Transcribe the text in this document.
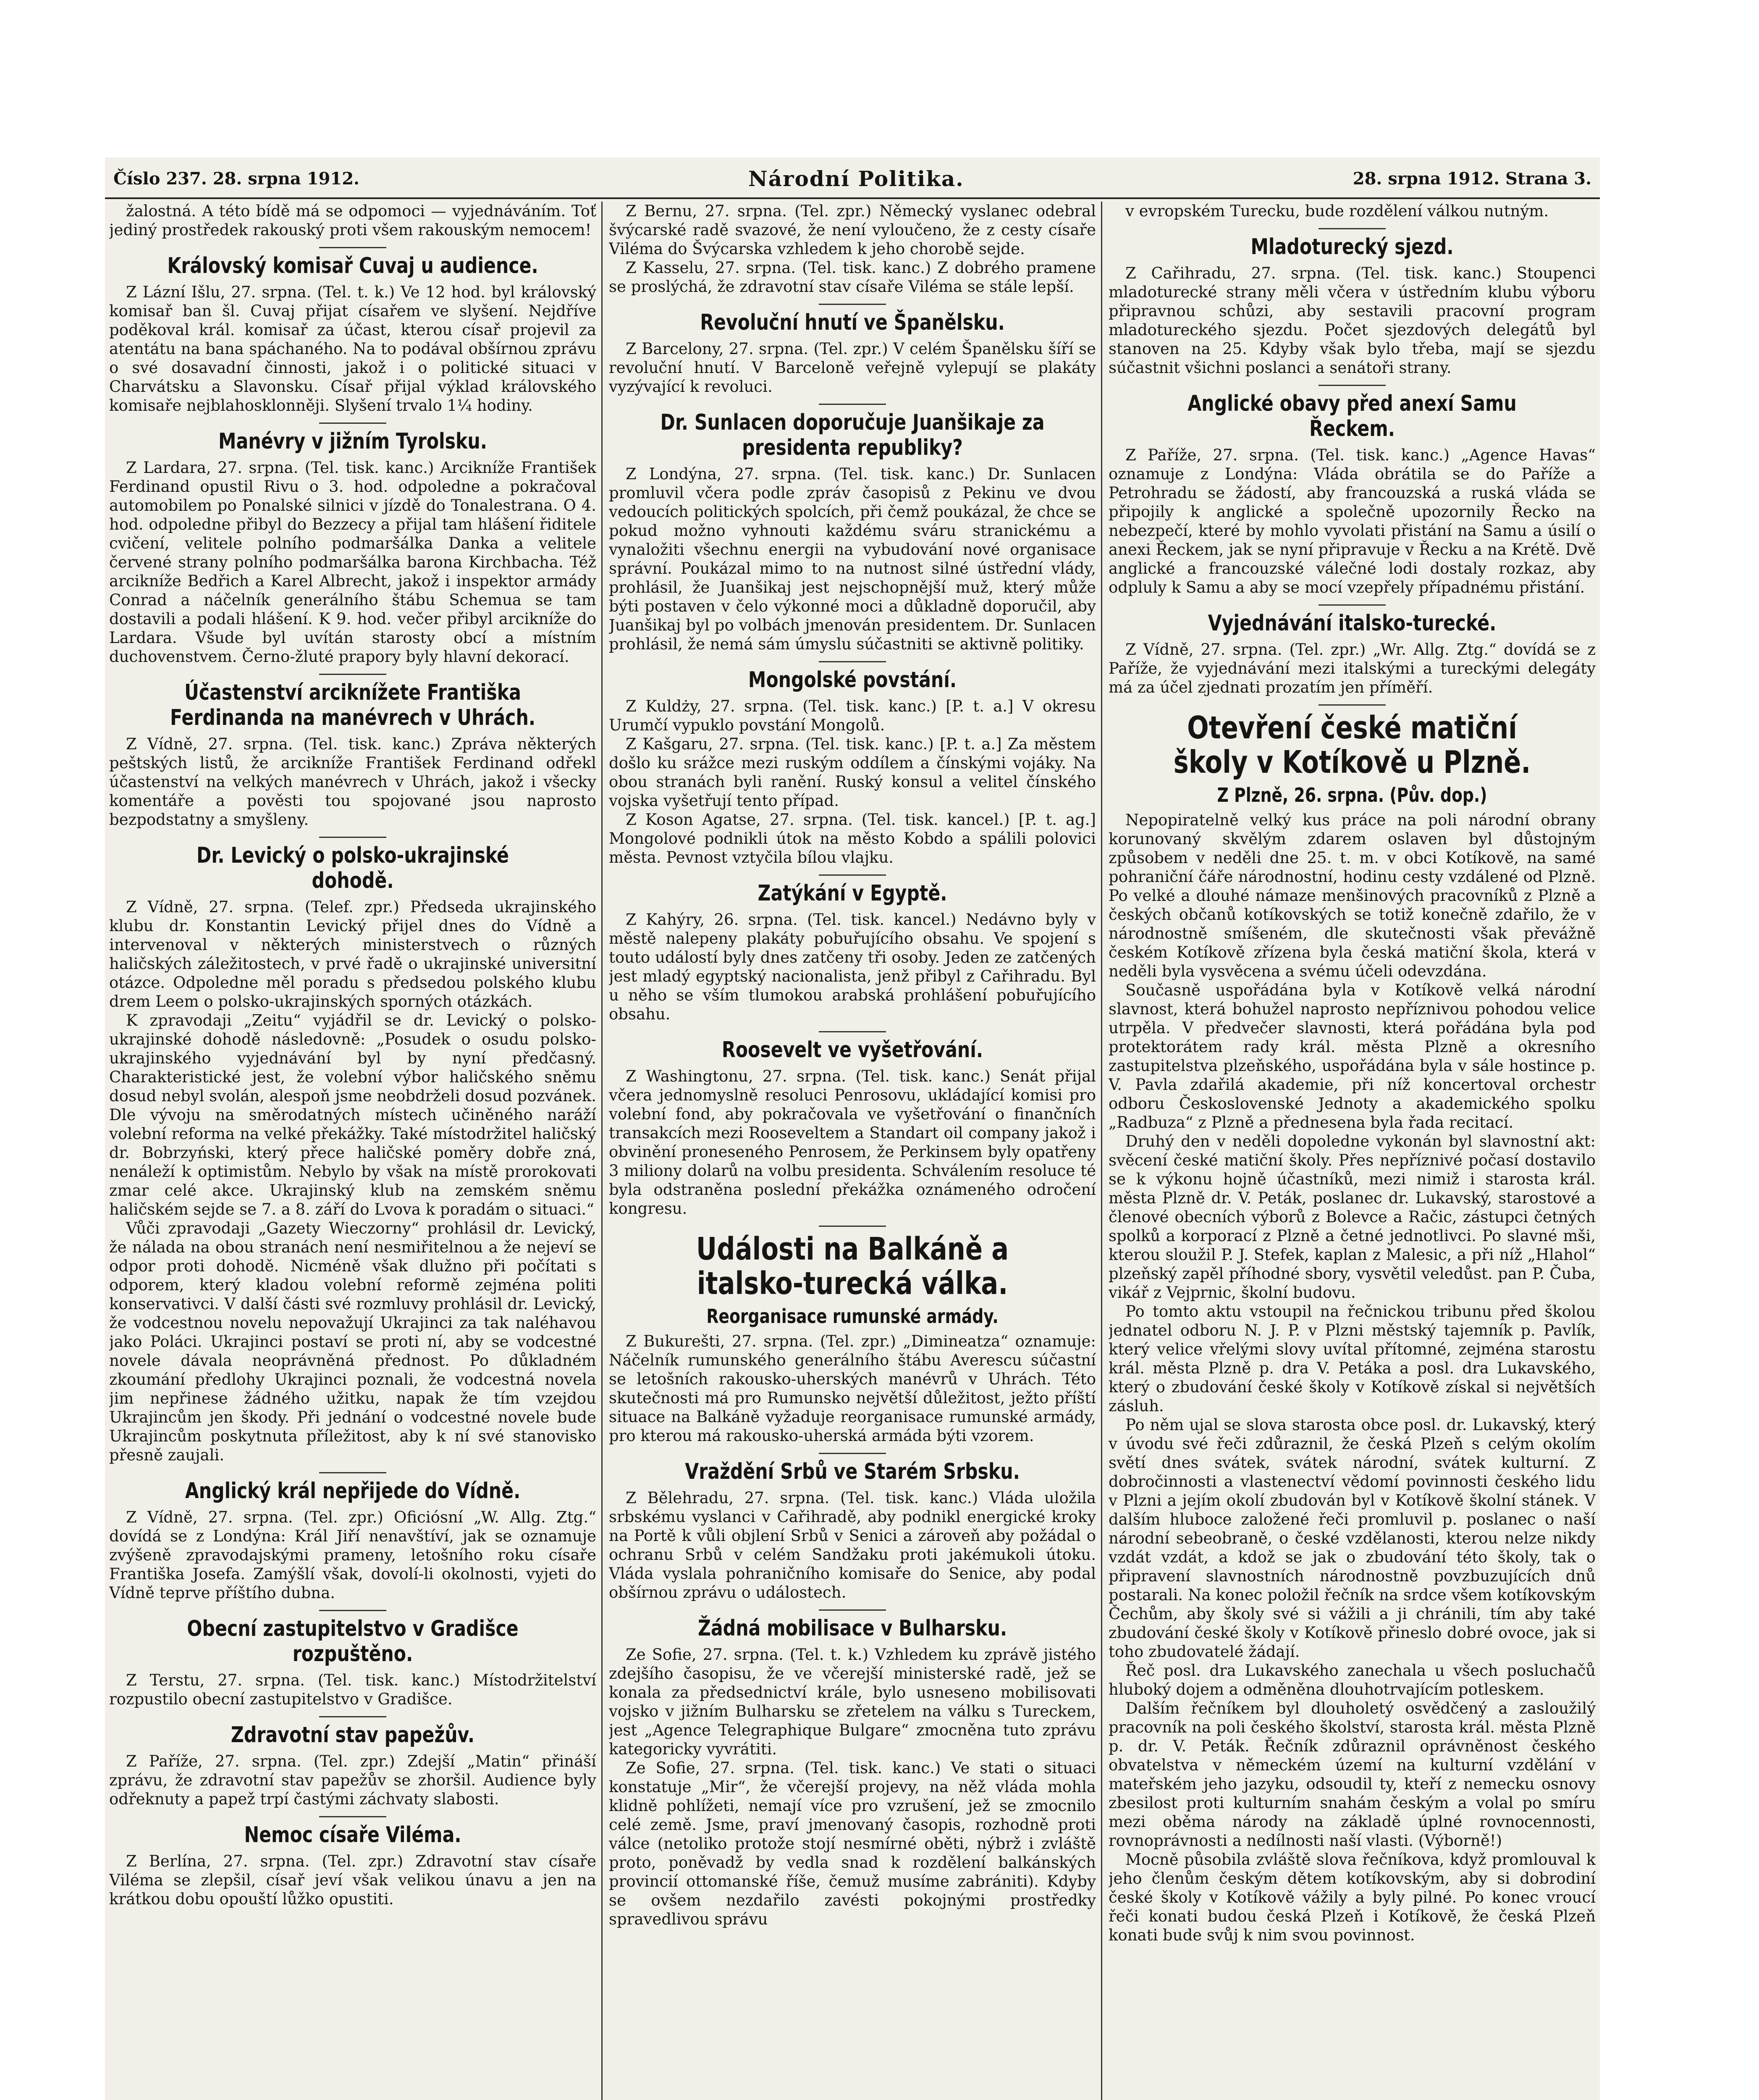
Číslo 237. 28. srpna 1912.	Národní Politika.	28. srpna 1912. Strana 3.

žalostná. A této bídě má se odpomoci — vyjednáváním. Toť jediný prostředek rakouský proti všem rakouským nemocem!

Královský komisař Cuvaj u audience.

Z Lázní Išlu, 27. srpna. (Tel. t. k.) Ve 12 hod. byl královský komisař ban šl. Cuvaj přijat císařem ve slyšení. Nejdříve poděkoval král. komisař za účast, kterou císař projevil za atentátu na bana spáchaného. Na to podával obšírnou zprávu o své dosavadní činnosti, jakož i o politické situaci v Charvátsku a Slavonsku. Císař přijal výklad královského komisaře nejblahosklonněji. Slyšení trvalo 1¼ hodiny.

Manévry v jižním Tyrolsku.

Z Lardara, 27. srpna. (Tel. tisk. kanc.) Arcikníže František Ferdinand opustil Rivu o 3. hod. odpoledne a pokračoval automobilem po Ponalské silnici v jízdě do Tonalestrana. O 4. hod. odpoledne přibyl do Bezzecy a přijal tam hlášení řiditele cvičení, velitele polního podmaršálka Danka a velitele červené strany polního podmaršálka barona Kirchbacha. Též arcikníže Bedřich a Karel Albrecht, jakož i inspektor armády Conrad a náčelník generálního štábu Schemua se tam dostavili a podali hlášení. K 9. hod. večer přibyl arcikníže do Lardara. Všude byl uvítán starosty obcí a místním duchovenstvem. Černo-žluté prapory byly hlavní dekorací.

Účastenství arciknížete Františka Ferdinanda na manévrech v Uhrách.

Z Vídně, 27. srpna. (Tel. tisk. kanc.) Zpráva některých peštských listů, že arcikníže František Ferdinand odřekl účastenství na velkých manévrech v Uhrách, jakož i všecky komentáře a pověsti tou spojované jsou naprosto bezpodstatny a smyšleny.

Dr. Levický o polsko-ukrajinské dohodě.

Z Vídně, 27. srpna. (Telef. zpr.) Předseda ukrajinského klubu dr. Konstantin Levický přijel dnes do Vídně a intervenoval v některých ministerstvech o různých haličských záležitostech, v prvé řadě o ukrajinské universitní otázce. Odpoledne měl poradu s předsedou polského klubu drem Leem o polsko-ukrajinských sporných otázkách.

K zpravodaji „Zeitu“ vyjádřil se dr. Levický o polsko-ukrajinské dohodě následovně: „Posudek o osudu polsko-ukrajinského vyjednávání byl by nyní předčasný. Charakteristické jest, že volební výbor haličského sněmu dosud nebyl svolán, alespoň jsme neobdrželi dosud pozvánek. Dle vývoju na směrodatných místech učiněného naráží volební reforma na velké překážky. Také místodržitel haličský dr. Bobrzyński, který přece haličské poměry dobře zná, nenáleží k optimistům. Nebylo by však na místě prorokovati zmar celé akce. Ukrajinský klub na zemském sněmu haličském sejde se 7. a 8. září do Lvova k poradám o situaci.“

Vůči zpravodaji „Gazety Wieczorny“ prohlásil dr. Levický, že nálada na obou stranách není nesmiřitelnou a že nejeví se odpor proti dohodě. Nicméně však dlužno při počítati s odporem, který kladou volební reformě zejména politi konservativci. V další části své rozmluvy prohlásil dr. Levický, že vodcestnou novelu nepovažují Ukrajinci za tak naléhavou jako Poláci. Ukrajinci postaví se proti ní, aby se vodcestné novele dávala neoprávněná přednost. Po důkladném zkoumání předlohy Ukrajinci poznali, že vodcestná novela jim nepřinese žádného užitku, napak že tím vzejdou Ukrajincům jen škody. Při jednání o vodcestné novele bude Ukrajincům poskytnuta příležitost, aby k ní své stanovisko přesně zaujali.

Anglický král nepřijede do Vídně.

Z Vídně, 27. srpna. (Tel. zpr.) Oficiósní „W. Allg. Ztg.“ dovídá se z Londýna: Král Jiří nenavštíví, jak se oznamuje zvýšeně zpravodajskými prameny, letošního roku císaře Františka Josefa. Zamýšlí však, dovolí-li okolnosti, vyjeti do Vídně teprve příštího dubna.

Obecní zastupitelstvo v Gradišce rozpuštěno.

Z Terstu, 27. srpna. (Tel. tisk. kanc.) Místodržitelství rozpustilo obecní zastupitelstvo v Gradišce.

Zdravotní stav papežův.

Z Paříže, 27. srpna. (Tel. zpr.) Zdejší „Matin“ přináší zprávu, že zdravotní stav papežův se zhoršil. Audience byly odřeknuty a papež trpí častými záchvaty slabosti.

Nemoc císaře Viléma.

Z Berlína, 27. srpna. (Tel. zpr.) Zdravotní stav císaře Viléma se zlepšil, císař jeví však velikou únavu a jen na krátkou dobu opouští lůžko opustiti.

Z Bernu, 27. srpna. (Tel. zpr.) Německý vyslanec odebral švýcarské radě svazové, že není vyloučeno, že z cesty císaře Viléma do Švýcarska vzhledem k jeho chorobě sejde.

Z Kasselu, 27. srpna. (Tel. tisk. kanc.) Z dobrého pramene se proslýchá, že zdravotní stav císaře Viléma se stále lepší.

Revoluční hnutí ve Španělsku.

Z Barcelony, 27. srpna. (Tel. zpr.) V celém Španělsku šíří se revoluční hnutí. V Barceloně veřejně vylepují se plakáty vyzývající k revoluci.

Dr. Sunlacen doporučuje Juanšikaje za presidenta republiky?

Z Londýna, 27. srpna. (Tel. tisk. kanc.) Dr. Sunlacen promluvil včera podle zpráv časopisů z Pekinu ve dvou vedoucích politických spolcích, při čemž poukázal, že chce se pokud možno vyhnouti každému sváru stranickému a vynaložiti všechnu energii na vybudování nové organisace správní. Poukázal mimo to na nutnost silné ústřední vlády, prohlásil, že Juanšikaj jest nejschopnější muž, který může býti postaven v čelo výkonné moci a důkladně doporučil, aby Juanšikaj byl po volbách jmenován presidentem. Dr. Sunlacen prohlásil, že nemá sám úmyslu súčastniti se aktivně politiky.

Mongolské povstání.

Z Kuldży, 27. srpna. (Tel. tisk. kanc.) [P. t. a.] V okresu Urumčí vypuklo povstání Mongolů.

Z Kašgaru, 27. srpna. (Tel. tisk. kanc.) [P. t. a.] Za městem došlo ku srážce mezi ruským oddílem a čínskými vojáky. Na obou stranách byli ranění. Ruský konsul a velitel čínského vojska vyšetřují tento případ.

Z Koson Agatse, 27. srpna. (Tel. tisk. kancel.) [P. t. ag.] Mongolové podnikli útok na město Kobdo a spálili polovici města. Pevnost vztyčila bílou vlajku.

Zatýkání v Egyptě.

Z Kahýry, 26. srpna. (Tel. tisk. kancel.) Nedávno byly v městě nalepeny plakáty pobuřujícího obsahu. Ve spojení s touto událostí byly dnes zatčeny tři osoby. Jeden ze zatčených jest mladý egyptský nacionalista, jenž přibyl z Cařihradu. Byl u něho se vším tlumokou arabská prohlášení pobuřujícího obsahu.

Roosevelt ve vyšetřování.

Z Washingtonu, 27. srpna. (Tel. tisk. kanc.) Senát přijal včera jednomyslně resoluci Penrosovu, ukládající komisi pro volební fond, aby pokračovala ve vyšetřování o finančních transakcích mezi Rooseveltem a Standart oil company jakož i obvinění proneseného Penrosem, že Perkinsem byly opatřeny 3 miliony dolarů na volbu presidenta. Schválením resoluce té byla odstraněna poslední překážka oznámeného odročení kongresu.

Události na Balkáně a italsko-turecká válka.
Reorganisace rumunské armády.

Z Bukurešti, 27. srpna. (Tel. zpr.) „Dimineatza“ oznamuje: Náčelník rumunského generálního štábu Averescu súčastní se letošních rakousko-uherských manévrů v Uhrách. Této skutečnosti má pro Rumunsko největší důležitost, ježto příští situace na Balkáně vyžaduje reorganisace rumunské armády, pro kterou má rakousko-uherská armáda býti vzorem.

Vraždění Srbů ve Starém Srbsku.

Z Bělehradu, 27. srpna. (Tel. tisk. kanc.) Vláda uložila srbskému vyslanci v Cařihradě, aby podnikl energické kroky na Portě k vůli objlení Srbů v Senici a zároveň aby požádal o ochranu Srbů v celém Sandžaku proti jakémukoli útoku. Vláda vyslala pohraničního komisaře do Senice, aby podal obšírnou zprávu o událostech.

Žádná mobilisace v Bulharsku.

Ze Sofie, 27. srpna. (Tel. t. k.) Vzhledem ku zprávě jistého zdejšího časopisu, že ve včerejší ministerské radě, jež se konala za předsednictví krále, bylo usneseno mobilisovati vojsko v jižním Bulharsku se zřetelem na válku s Tureckem, jest „Agence Telegraphique Bulgare“ zmocněna tuto zprávu kategoricky vyvrátiti.

Ze Sofie, 27. srpna. (Tel. tisk. kanc.) Ve stati o situaci konstatuje „Mir“, že včerejší projevy, na něž vláda mohla klidně pohlížeti, nemají více pro vzrušení, jež se zmocnilo celé země. Jsme, praví jmenovaný časopis, rozhodně proti válce (netoliko protože stojí nesmírné oběti, nýbrž i zvláště proto, poněvadž by vedla snad k rozdělení balkánských provincií ottomanské říše, čemuž musíme zabrániti). Kdyby se ovšem nezdařilo zavésti pokojnými prostředky spravedlivou správu

v evropském Turecku, bude rozdělení válkou nutným.

Mladoturecký sjezd.

Z Cařihradu, 27. srpna. (Tel. tisk. kanc.) Stoupenci mladoturecké strany měli včera v ústředním klubu výboru připravnou schůzi, aby sestavili pracovní program mladotureckého sjezdu. Počet sjezdových delegátů byl stanoven na 25. Kdyby však bylo třeba, mají se sjezdu súčastnit všichni poslanci a senátoři strany.

Anglické obavy před anexí Samu Řeckem.

Z Paříže, 27. srpna. (Tel. tisk. kanc.) „Agence Havas“ oznamuje z Londýna: Vláda obrátila se do Paříže a Petrohradu se žádostí, aby francouzská a ruská vláda se připojily k anglické a společně upozornily Řecko na nebezpečí, které by mohlo vyvolati přistání na Samu a úsilí o anexi Řeckem, jak se nyní připravuje v Řecku a na Krétě. Dvě anglické a francouzské válečné lodi dostaly rozkaz, aby odpluly k Samu a aby se mocí vzepřely případnému přistání.

Vyjednávání italsko-turecké.

Z Vídně, 27. srpna. (Tel. zpr.) „Wr. Allg. Ztg.“ dovídá se z Paříže, že vyjednávání mezi italskými a tureckými delegáty má za účel zjednati prozatím jen příměří.

Otevření české matiční školy v Kotíkově u Plzně.
Z Plzně, 26. srpna. (Pův. dop.)

Nepopiratelně velký kus práce na poli národní obrany korunovaný skvělým zdarem oslaven byl důstojným způsobem v neděli dne 25. t. m. v obci Kotíkově, na samé pohraniční čáře národnostní, hodinu cesty vzdálené od Plzně. Po velké a dlouhé námaze menšinových pracovníků z Plzně a českých občanů kotíkovských se totiž konečně zdařilo, že v národnostně smíšeném, dle skutečnosti však převážně českém Kotíkově zřízena byla česká matiční škola, která v neděli byla vysvěcena a svému účeli odevzdána.

Současně uspořádána byla v Kotíkově velká národní slavnost, která bohužel naprosto nepříznivou pohodou velice utrpěla. V předvečer slavnosti, která pořádána byla pod protektorátem rady král. města Plzně a okresního zastupitelstva plzeňského, uspořádána byla v sále hostince p. V. Pavla zdařilá akademie, při níž koncertoval orchestr odboru Československé Jednoty a akademického spolku „Radbuza“ z Plzně a přednesena byla řada recitací.

Druhý den v neděli dopoledne vykonán byl slavnostní akt: svěcení české matiční školy. Přes nepříznivé počasí dostavilo se k výkonu hojně účastníků, mezi nimiž i starosta král. města Plzně dr. V. Peták, poslanec dr. Lukavský, starostové a členové obecních výborů z Bolevce a Račic, zástupci četných spolků a korporací z Plzně a četné jednotlivci. Po slavné mši, kterou sloužil P. J. Stefek, kaplan z Malesic, a při níž „Hlahol“ plzeňský zapěl příhodné sbory, vysvětil veledůst. pan P. Čuba, vikář z Vejprnic, školní budovu.

Po tomto aktu vstoupil na řečnickou tribunu před školou jednatel odboru N. J. P. v Plzni městský tajemník p. Pavlík, který velice vřelými slovy uvítal přítomné, zejména starostu král. města Plzně p. dra V. Petáka a posl. dra Lukavského, který o zbudování české školy v Kotíkově získal si největších zásluh.

Po něm ujal se slova starosta obce posl. dr. Lukavský, který v úvodu své řeči zdůraznil, že česká Plzeň s celým okolím světí dnes svátek, svátek národní, svátek kulturní. Z dobročinnosti a vlastenectví vědomí povinnosti českého lidu v Plzni a jejím okolí zbudován byl v Kotíkově školní stánek. V dalším hluboce založené řeči promluvil p. poslanec o naší národní sebeobraně, o české vzdělanosti, kterou nelze nikdy vzdát vzdát, a kdož se jak o zbudování této školy, tak o připravení slavnostních národnostně povzbuzujících dnů postarali. Na konec položil řečník na srdce všem kotíkovským Čechům, aby školy své si vážili a ji chránili, tím aby také zbudování české školy v Kotíkově přineslo dobré ovoce, jak si toho zbudovatelé žádají.

Řeč posl. dra Lukavského zanechala u všech posluchačů hluboký dojem a odměněna dlouhotrvajícím potleskem.

Dalším řečníkem byl dlouholetý osvědčený a zasloužilý pracovník na poli českého školství, starosta král. města Plzně p. dr. V. Peták. Řečník zdůraznil oprávněnost českého obvatelstva v německém území na kulturní vzdělání v mateřském jeho jazyku, odsoudil ty, kteří z nemecku osnovy zbesilost proti kulturním snahám českým a volal po smíru mezi oběma národy na základě úplné rovnocennosti, rovnoprávnosti a nedílnosti naší vlasti. (Výborně!)

Mocně působila zvláště slova řečníkova, když promlouval k jeho členům českým dětem kotíkovským, aby si dobrodiní české školy v Kotíkově vážily a byly pilné. Po konec vroucí řeči konati budou česká Plzeň i Kotíkově, že česká Plzeň konati bude svůj k nim svou povinnost.
